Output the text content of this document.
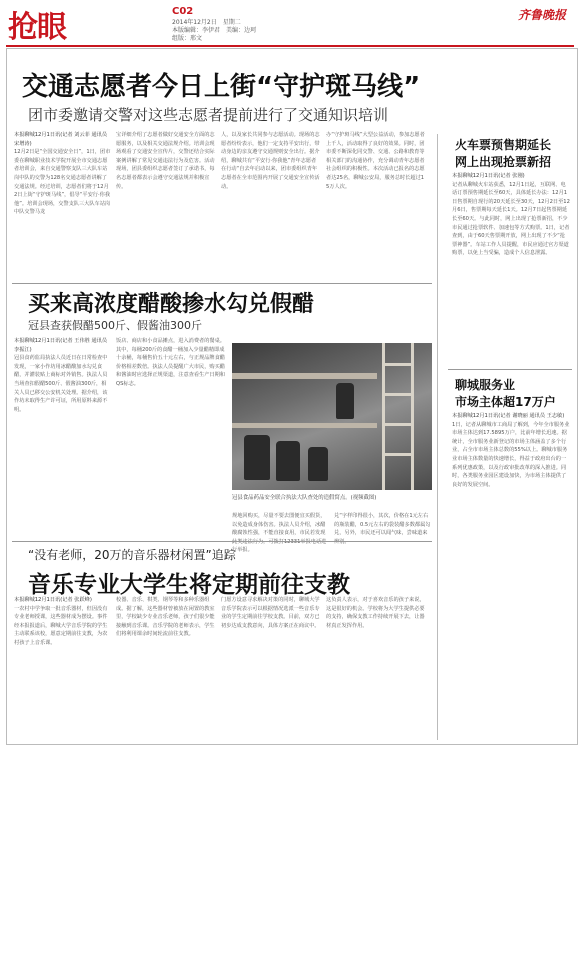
抢眼	C02
2014年12月2日　星期二
本版编辑：李伊君　美编：边珂
组版：邢文
齐鲁晚报
交通志愿者今日上街“守护斑马线”
团市委邀请交警对这些志愿者提前进行了交通知识培训
本报聊城12月1日讯(记者 刘云菲 通讯员 宋增涛)
12月2日是“全国交通安全日”，1日，团市委在聊城职业技术学院开展全市交通志愿者培训会，来自交通警察支队三大队车站岗中队的交警为128名交通志愿者讲解了交通法规。经过培训，志愿者们将于12月2日上街“守护斑马线”，倡导“平安行·你我他”。培训会现场，交警支队三大队车站岗中队交警马龙
宝详细介绍了志愿者做好交通安全方面的志愿服务，以及相关交通法规介绍。培训会现场观看了交通安全宣传片，交警还结合实际案例讲解了常见交通违法行为及危害。活动现场，团县委组织志愿者签订了承诺书，每名志愿者都表示会遵守交通法规并积极宣传。
人，以及家长共同参与志愿活动。现场的志愿者纷纷表示，他们一定支持平安出行，带动身边的亲友遵守交通规则安全出行。据介绍，聊城共有“平安行·你我他”青年志愿者在行动“自去年启动以来，团市委组织青年志愿者在全市范围内开展了交通安全宣传活动。
办“守护斑马线”大型公益活动，参加志愿者上千人，活动取得了良好的效果。同时，团市委不断深化同交警、交通、公路和教育等相关部门的沟通协作，充分调动青年志愿者社会组织的积极性。本次活动已报名的志愿者达25名，聊城公安局，服务总时长超过15万人次。
买来高浓度醋酸掺水勾兑假醋
冠县查获假醋500斤、假酱油300斤
本报聊城12月1日讯(记者 王伟胜 通讯员 李振江)
冠县食药监局执法人员近日在日常检查中发现，一家小作坊用冰醋酸加水勾兑食醋，并灌装贴上商标对外销售。执法人员当场查扣假醋500斤、假酱油300斤，相关人员已移交公安机关处理。据介绍，该作坊未取得生产许可证，所用原料来源不明。
饭店、商店和小食品摊点，进入消费者的餐桌。其中，每桶200斤的食醋一桶加入少量醋精即成十余桶，每桶售价五十元左右，与正规品牌食醋价格相差数倍。执法人员提醒广大市民，购买醋和酱油时应选择正规渠道，注意查看生产日期和QS标志。
冠县食品药品安全联合执法大队查处的造假窝点。(视频截图)
规地回购买，尽量不要去图便宜买假货，以免造成身体伤害。执法人员介绍，冰醋酸腐蚀性强，不能直接食用，市民若发现 行举报。
兑“字样印得很小，其次，价格在1元左右的瓶装醋，0.5元左右的袋装醋多数都属勾兑，另外，市民还可以闻气味，尝味道来
“没有老师，20万的音乐器材闲置”追踪
音乐专业大学生将定期前往支教
本报聊城12月1日讯(记者 张跃峰)
一农村中学争取一批音乐器材，但因没有专业老师授课，这些器材成为摆设。事件经本报报道后，聊城大学音乐学院的学生主动联系该校，愿意定期前往支教，为农村孩子上音乐课。
校器、音乐、棋类、钢琴等和多种乐器组成。据了解，这些器材曾被放在闲置的教室里，学校缺少专业音乐老师，孩子们很少能接触到音乐课。音乐学院的老师表示，学生们将利用课余时间轮流前往支教。
门愿方设意寻求解决对策的同时，聊城大学音乐学院表示可以根据情况选派一些音乐专业的学生定期前往学校支教。目前，双方已初步达成支教意向，具体方案正在商议中。
这负责人表示，对于喜欢音乐的孩子来说，这是很好的机会。学校将为大学生提供必要的支持，确保支教工作持续开展下去，让器材真正发挥作用。
火车票预售期延长
网上出现抢票新招
本报聊城12月1日讯(记者 张刚)
记者从聊城火车站获悉，12月1日起，互联网、电话订票预售期延长至60天，具体延长办法：12月1日售票期自现行的20天延长至30天，12月2日至12月6日，售票期每天延长1天。12月7日起售票期延长至60天。与此同时，网上出现了抢票新招，不少市民通过抢票软件、加速包等方式购票。1日，记者查到，由于60天售票期开放，网上出现了不少“抢票神器”。车站工作人员提醒，市民应通过官方渠道购票，以免上当受骗，造成个人信息泄露。
聊城服务业
市场主体超17万户
本报聊城12月1日讯(记者 谢晓丽 通讯员 王志敏)
1日，记者从聊城市工商局了解到，今年全市服务业市场主体达到17.5895万户，比前年增长迅速。据统计，全市服务业新登记的市场主体涵盖了多个行业，占全市市场主体总数的55%以上。聊城市服务业市场主体数量的快速增长，得益于政府出台的一系列优惠政策，以及行政审批改革的深入推进。同时，各类服务业园区建设加快，为市场主体提供了良好的发展空间。
